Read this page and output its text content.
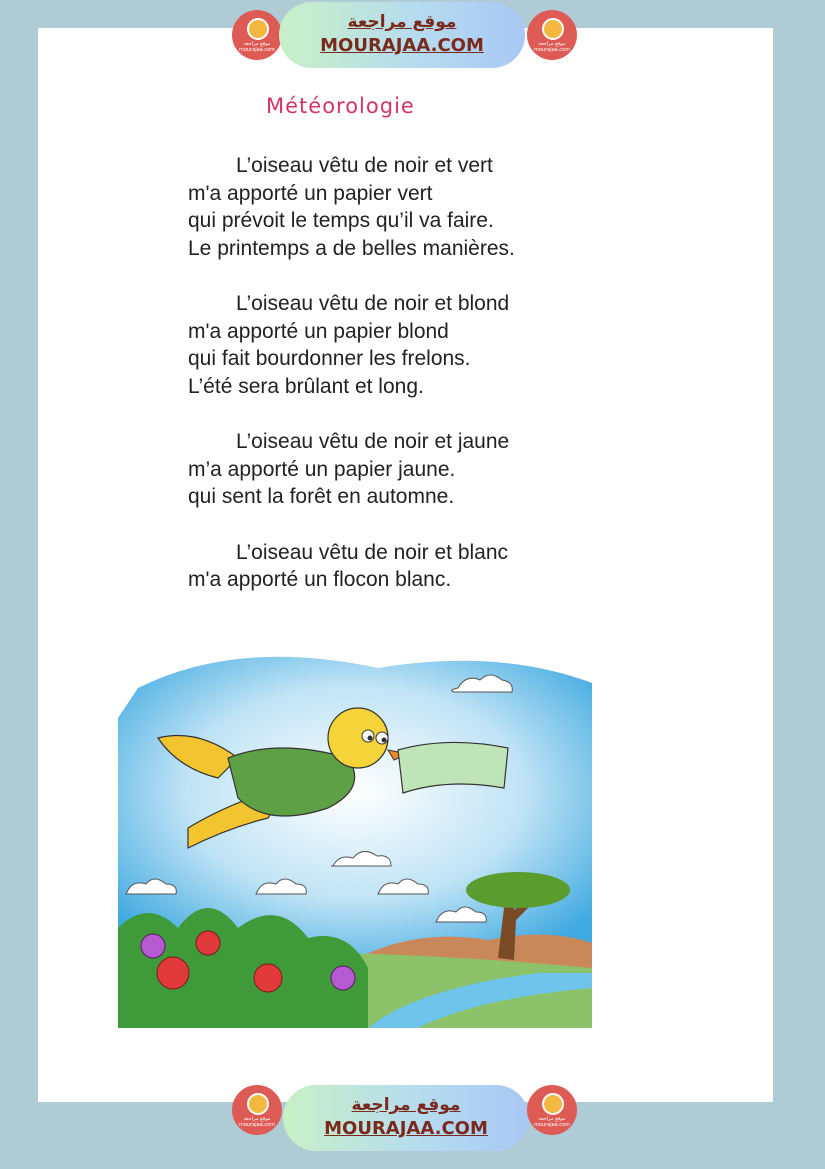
موقع مراجعة
mourajaa.com
موقع مراجعة
MOURAJAA.COM	موقع مراجعة
mourajaa.com
Météorologie
L’oiseau vêtu de noir et vert
m'a apporté un papier vert
qui prévoit le temps qu’il va faire.
Le printemps a de belles manières.
L’oiseau vêtu de noir et blond
m'a apporté un papier blond
qui fait bourdonner les frelons.
L’été sera brûlant et long.
L’oiseau vêtu de noir et jaune
m’a apporté un papier jaune.
qui sent la forêt en automne.
L’oiseau vêtu de noir et blanc
m'a apporté un flocon blanc.
موقع مراجعة
mourajaa.com
موقع مراجعة
MOURAJAA.COM	موقع مراجعة
mourajaa.com
